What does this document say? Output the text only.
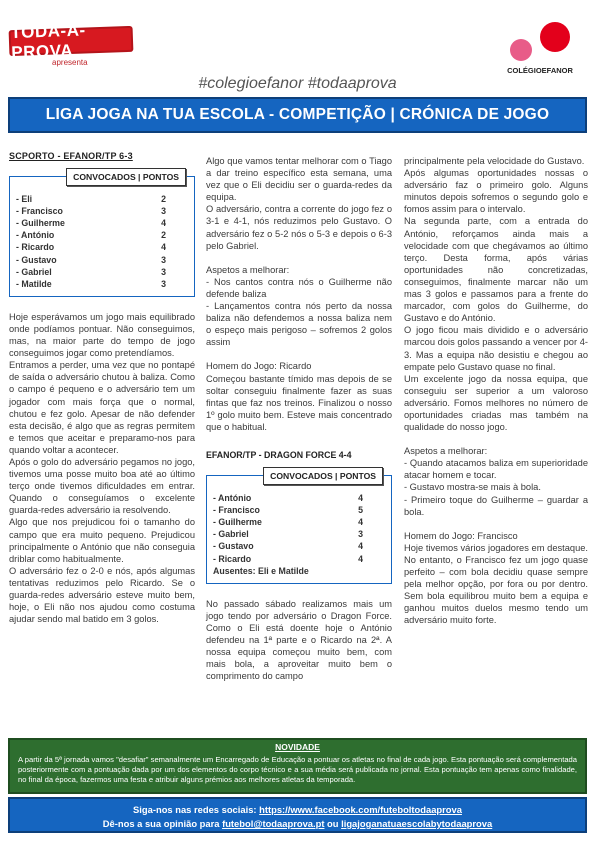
TODA-A-PROVA
apresenta
COLÉGIOEFANOR
#colegioefanor #todaaprova
LIGA JOGA NA TUA ESCOLA - COMPETIÇÃO | CRÓNICA DE JOGO
SCPORTO - EFANOR/TP 6-3
CONVOCADOS | PONTOS
- Eli	2
- Francisco	3
- Guilherme	4
- António	2
- Ricardo	4
- Gustavo	3
- Gabriel	3
- Matilde	3

Hoje esperávamos um jogo mais equilibrado onde podíamos pontuar. Não conseguimos, mas, na maior parte do tempo de jogo conseguimos jogar como pretendíamos.

Entramos a perder, uma vez que no pontapé de saída o adversário chutou à baliza. Como o campo é pequeno e o adversário tem um jogador com mais força que o normal, chutou e fez golo. Apesar de não defender esta decisão, é algo que as regras permitem e temos que aceitar e preparamo-nos para quando voltar a acontecer.

Após o golo do adversário pegamos no jogo, tivemos uma posse muito boa até ao último terço onde tivemos dificuldades em entrar. Quando o conseguíamos o excelente guarda-redes adversário ia resolvendo.

Algo que nos prejudicou foi o tamanho do campo que era muito pequeno. Prejudicou principalmente o António que não conseguia driblar como habitualmente.

O adversário fez o 2-0 e nós, após algumas tentativas reduzimos pelo Ricardo. Se o guarda-redes adversário esteve muito bem, hoje, o Eli não nos ajudou como costuma ajudar sendo mal batido em 3 golos.

Algo que vamos tentar melhorar com o Tiago a dar treino específico esta semana, uma vez que o Eli decidiu ser o guarda-redes da equipa.

O adversário, contra a corrente do jogo fez o 3-1 e 4-1, nós reduzimos pelo Gustavo. O adversário fez o 5-2 nós o 5-3 e depois o 6-3 pelo Gabriel.

Aspetos a melhorar:

- Nos cantos contra nós o Guilherme não defende baliza

- Lançamentos contra nós perto da nossa baliza não defendemos a nossa baliza nem o espeço mais perigoso – sofremos 2 golos assim

Homem do Jogo: Ricardo

Começou bastante tímido mas depois de se soltar conseguiu finalmente fazer as suas fintas que faz nos treinos. Finalizou o nosso 1º golo muito bem. Esteve mais concentrado que o habitual.

EFANOR/TP - DRAGON FORCE 4-4
CONVOCADOS | PONTOS
- António	4
- Francisco	5
- Guilherme	4
- Gabriel	3
- Gustavo	4
- Ricardo	4
Ausentes: Eli e Matilde

No passado sábado realizamos mais um jogo tendo por adversário o Dragon Force. Como o Eli está doente hoje o António defendeu na 1ª parte e o Ricardo na 2ª. A nossa equipa começou muito bem, com mais bola, a aproveitar muito bem o comprimento do campo

principalmente pela velocidade do Gustavo.

Após algumas oportunidades nossas o adversário faz o primeiro golo. Alguns minutos depois sofremos o segundo golo e fomos assim para o intervalo.

Na segunda parte, com a entrada do António, reforçamos ainda mais a velocidade com que chegávamos ao último terço. Desta forma, após várias oportunidades não concretizadas, conseguimos, finalmente marcar não um mas 3 golos e passamos para a frente do marcador, com golos do Guilherme, do Gustavo e do António.

O jogo ficou mais dividido e o adversário marcou dois golos passando a vencer por 4-3. Mas a equipa não desistiu e chegou ao empate pelo Gustavo quase no final.

Um excelente jogo da nossa equipa, que conseguiu ser superior a um valoroso adversário. Fomos melhores no número de oportunidades criadas mas também na qualidade do nosso jogo.

Aspetos a melhorar:

- Quando atacamos baliza em superioridade atacar homem e tocar.

- Gustavo mostra-se mais à bola.

- Primeiro toque do Guilherme – guardar a bola.

Homem do Jogo: Francisco

Hoje tivemos vários jogadores em destaque. No entanto, o Francisco fez um jogo quase perfeito – com bola decidiu quase sempre pela melhor opção, por fora ou por dentro. Sem bola equilibrou muito bem a equipa e ganhou muitos duelos mesmo tendo um adversário muito forte.

NOVIDADE

A partir da 5ª jornada vamos "desafiar" semanalmente um Encarregado de Educação a pontuar os atletas no final de cada jogo. Esta pontuação será complementada posteriormente com a pontuação dada por um dos elementos do corpo técnico e a sua média será publicada no jornal. Esta pontuação tem apenas como finalidade, no final da época, fazermos uma festa e atribuir alguns prémios aos melhores atletas da temporada.

Siga-nos nas redes sociais: https://www.facebook.com/futeboltodaaprova
Dê-nos a sua opinião para futebol@todaaprova.pt ou ligajoganatuaescolabytodaaprova
